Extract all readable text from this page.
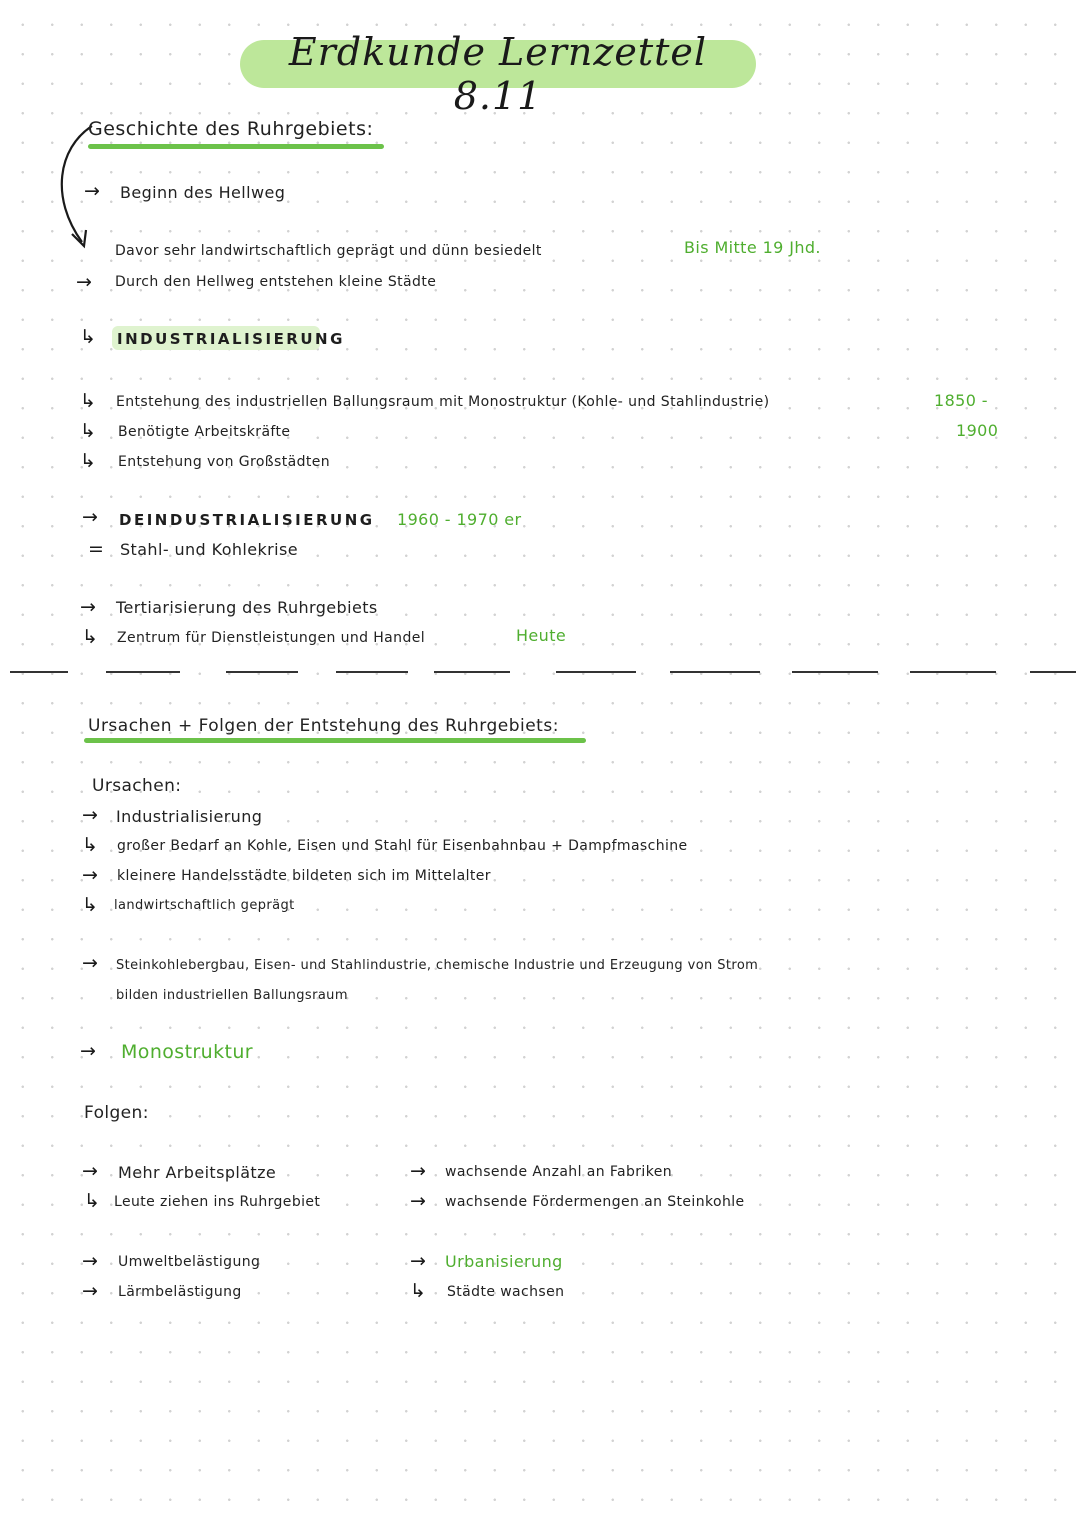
Erdkunde Lernzettel 8.11
Geschichte des Ruhrgebiets:
→ Beginn des Hellweg
Davor sehr landwirtschaftlich geprägt und dünn besiedelt	Bis Mitte 19 Jhd.
→ Durch den Hellweg entstehen kleine Städte
↳ INDUSTRIALISIERUNG
↳ Entstehung des industriellen Ballungsraum mit Monostruktur (Kohle- und Stahlindustrie)	1850 -
1900
↳ Benötigte Arbeitskräfte
↳ Entstehung von Großstädten
→ DEINDUSTRIALISIERUNG 1960 - 1970 er
= Stahl- und Kohlekrise
→ Tertiarisierung des Ruhrgebiets
↳ Zentrum für Dienstleistungen und Handel	Heute
Ursachen + Folgen der Entstehung des Ruhrgebiets:
Ursachen:
→ Industrialisierung
↳ großer Bedarf an Kohle, Eisen und Stahl für Eisenbahnbau + Dampfmaschine
→ kleinere Handelsstädte bildeten sich im Mittelalter
↳ landwirtschaftlich geprägt
→ Steinkohlebergbau, Eisen- und Stahlindustrie, chemische Industrie und Erzeugung von Strom
bilden industriellen Ballungsraum
→ Monostruktur
Folgen:
→ Mehr Arbeitsplätze
↳ Leute ziehen ins Ruhrgebiet
→ wachsende Anzahl an Fabriken
→ wachsende Fördermengen an Steinkohle
→ Umweltbelästigung
→ Lärmbelästigung
→ Urbanisierung
↳ Städte wachsen
